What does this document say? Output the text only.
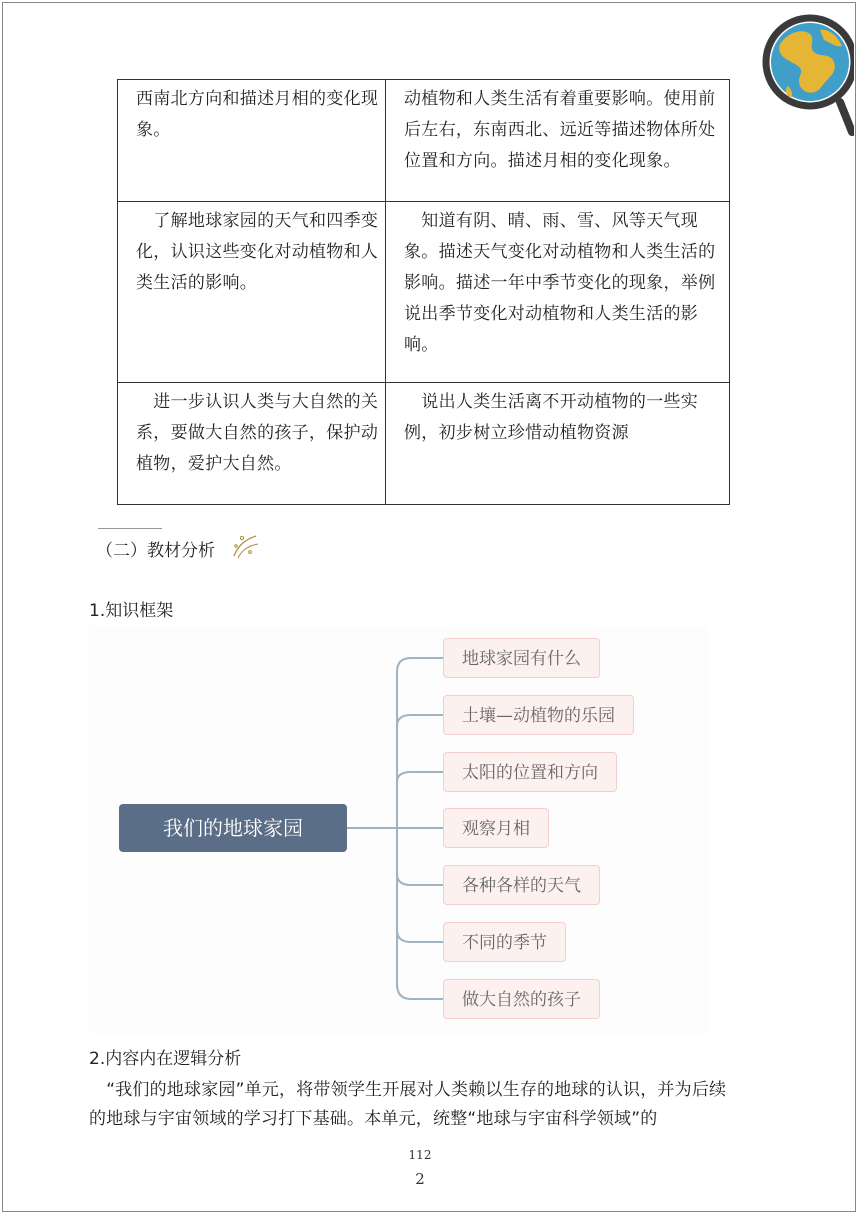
西南北方向和描述月相的变化现象。	动植物和人类生活有着重要影响。使用前后左右，东南西北、远近等描述物体所处位置和方向。描述月相的变化现象。
　了解地球家园的天气和四季变化，认识这些变化对动植物和人类生活的影响。	　知道有阴、晴、雨、雪、风等天气现象。描述天气变化对动植物和人类生活的影响。描述一年中季节变化的现象，举例说出季节变化对动植物和人类生活的影响。
　进一步认识人类与大自然的关系，要做大自然的孩子，保护动植物，爱护大自然。	　说出人类生活离不开动植物的一些实例，初步树立珍惜动植物资源
（二）教材分析
1.知识框架
我们的地球家园
地球家园有什么
土壤—动植物的乐园
太阳的位置和方向
观察月相
各种各样的天气
不同的季节
做大自然的孩子
2.内容内在逻辑分析
　“我们的地球家园”单元，将带领学生开展对人类赖以生存的地球的认识，并为后续的地球与宇宙领域的学习打下基础。本单元，统整“地球与宇宙科学领域”的
112
2
